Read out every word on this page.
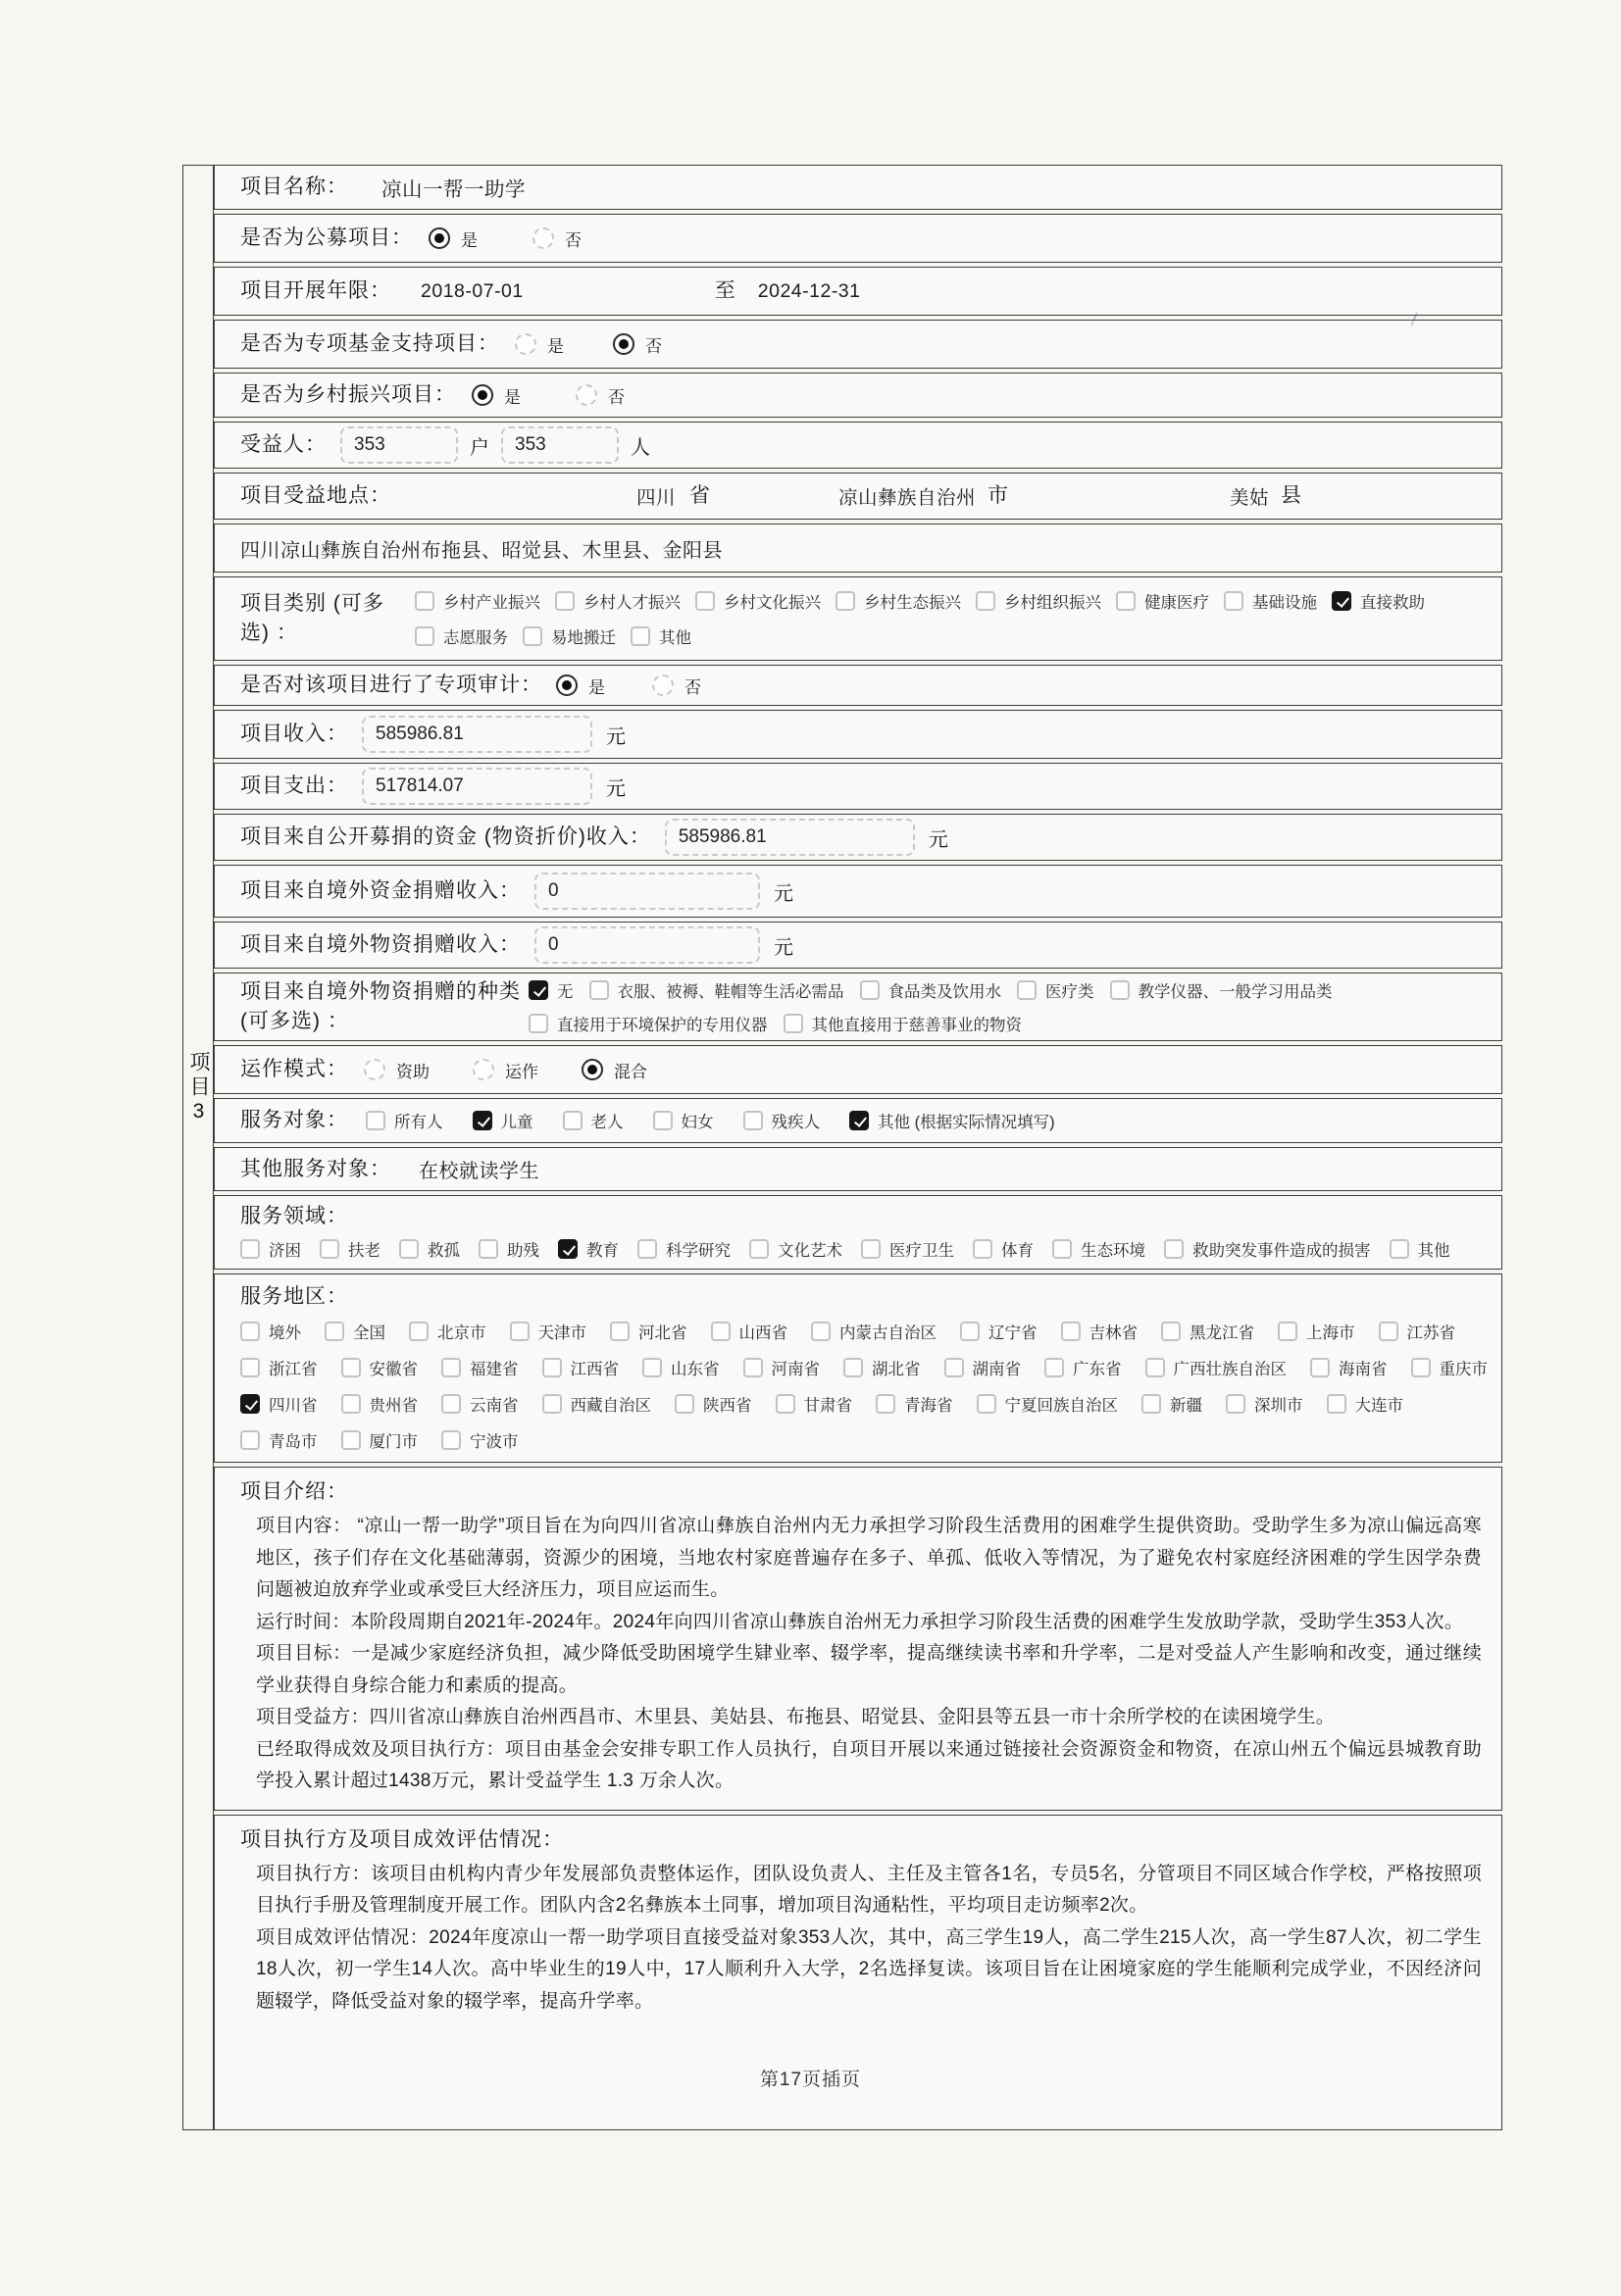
项目3
项目名称： 凉山一帮一助学
是否为公募项目：	是	否
项目开展年限： 2018-07-01	至 2024-12-31
是否为专项基金支持项目：	是	否
是否为乡村振兴项目：	是	否
受益人：
353	户
353	人
项目受益地点：	四川 省	凉山彝族自治州 市	美姑 县
四川凉山彝族自治州布拖县、昭觉县、木里县、金阳县
项目类别 (可多选) ：
乡村产业振兴	乡村人才振兴	乡村文化振兴	乡村生态振兴	乡村组织振兴	健康医疗	基础设施	直接救助
志愿服务	易地搬迁	其他
是否对该项目进行了专项审计：	是	否
项目收入：
585986.81	元
项目支出：
517814.07	元
项目来自公开募捐的资金 (物资折价)收入：
585986.81	元
项目来自境外资金捐赠收入：
0	元
项目来自境外物资捐赠收入：
0	元
项目来自境外物资捐赠的种类 (可多选) ：
无	衣服、被褥、鞋帽等生活必需品	食品类及饮用水	医疗类	教学仪器、一般学习用品类
直接用于环境保护的专用仪器	其他直接用于慈善事业的物资
运作模式：	资助	运作	混合
服务对象：	所有人	儿童	老人	妇女	残疾人	其他 (根据实际情况填写)
其他服务对象： 在校就读学生
服务领域：
济困	扶老	救孤	助残	教育	科学研究	文化艺术	医疗卫生	体育	生态环境	救助突发事件造成的损害	其他
服务地区：
境外	全国	北京市	天津市	河北省	山西省	内蒙古自治区	辽宁省	吉林省	黑龙江省	上海市	江苏省
浙江省	安徽省	福建省	江西省	山东省	河南省	湖北省	湖南省	广东省	广西壮族自治区	海南省	重庆市
四川省	贵州省	云南省	西藏自治区	陕西省	甘肃省	青海省	宁夏回族自治区	新疆	深圳市	大连市
青岛市	厦门市	宁波市
项目介绍：

项目内容： “凉山一帮一助学”项目旨在为向四川省凉山彝族自治州内无力承担学习阶段生活费用的困难学生提供资助。受助学生多为凉山偏远高寒地区，孩子们存在文化基础薄弱，资源少的困境，当地农村家庭普遍存在多子、单孤、低收入等情况，为了避免农村家庭经济困难的学生因学杂费问题被迫放弃学业或承受巨大经济压力，项目应运而生。

运行时间：本阶段周期自2021年-2024年。2024年向四川省凉山彝族自治州无力承担学习阶段生活费的困难学生发放助学款，受助学生353人次。

项目目标：一是减少家庭经济负担，减少降低受助困境学生肄业率、辍学率，提高继续读书率和升学率，二是对受益人产生影响和改变，通过继续学业获得自身综合能力和素质的提高。

项目受益方：四川省凉山彝族自治州西昌市、木里县、美姑县、布拖县、昭觉县、金阳县等五县一市十余所学校的在读困境学生。

已经取得成效及项目执行方：项目由基金会安排专职工作人员执行，自项目开展以来通过链接社会资源资金和物资，在凉山州五个偏远县城教育助学投入累计超过1438万元，累计受益学生 1.3 万余人次。

项目执行方及项目成效评估情况：

项目执行方：该项目由机构内青少年发展部负责整体运作，团队设负责人、主任及主管各1名，专员5名，分管项目不同区域合作学校，严格按照项目执行手册及管理制度开展工作。团队内含2名彝族本土同事，增加项目沟通粘性，平均项目走访频率2次。

项目成效评估情况：2024年度凉山一帮一助学项目直接受益对象353人次，其中，高三学生19人，高二学生215人次，高一学生87人次，初二学生18人次，初一学生14人次。高中毕业生的19人中，17人顺利升入大学，2名选择复读。该项目旨在让困境家庭的学生能顺利完成学业，不因经济问题辍学，降低受益对象的辍学率，提高升学率。

第17页插页
